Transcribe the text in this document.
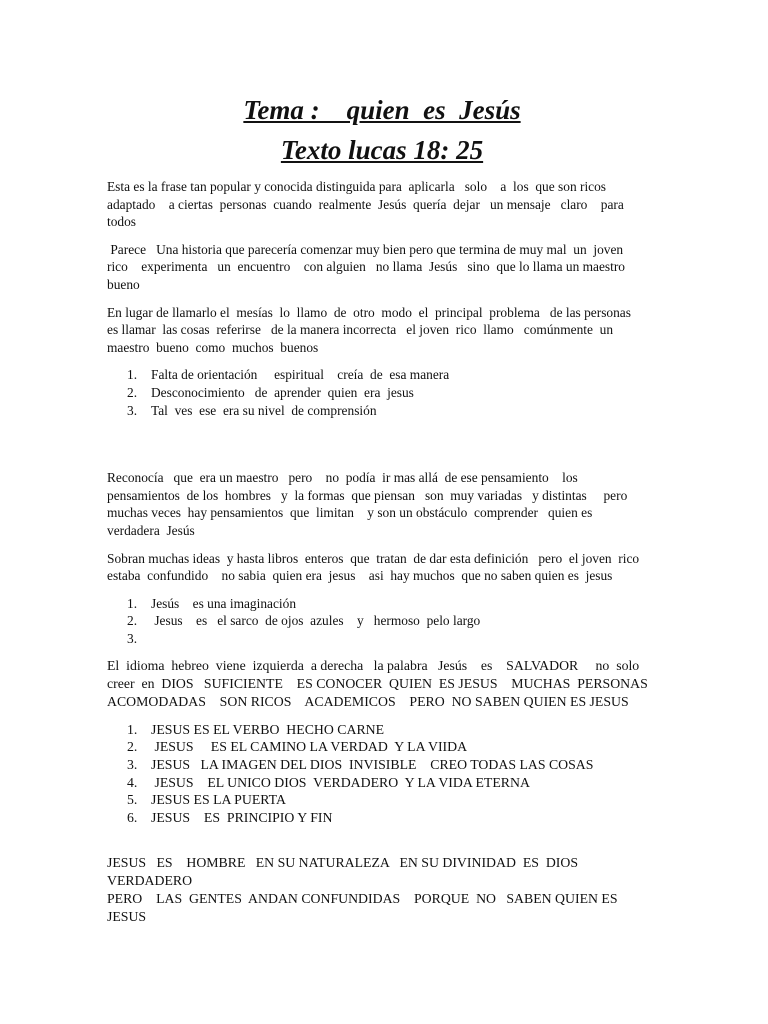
Tema :    quien  es  Jesús
Texto lucas 18: 25

Esta es la frase tan popular y conocida distinguida para  aplicarla   solo    a  los  que son ricos
adaptado    a ciertas  personas  cuando  realmente  Jesús  quería  dejar   un mensaje   claro    para
todos

Parece   Una historia que parecería comenzar muy bien pero que termina de muy mal  un  joven
rico    experimenta   un  encuentro    con alguien   no llama  Jesús   sino  que lo llama un maestro
bueno

En lugar de llamarlo el  mesías  lo  llamo  de  otro  modo  el  principal  problema   de las personas
es llamar  las cosas  referirse   de la manera incorrecta   el joven  rico  llamo   comúnmente  un
maestro  bueno  como  muchos  buenos

1.	Falta de orientación     espiritual    creía  de  esa manera
2.	Desconocimiento   de  aprender  quien  era  jesus
3.	Tal  ves  ese  era su nivel  de comprensión

Reconocía   que  era un maestro   pero    no  podía  ir mas allá  de ese pensamiento    los
pensamientos  de los  hombres   y  la formas  que piensan   son  muy variadas   y distintas     pero
muchas veces  hay pensamientos  que  limitan    y son un obstáculo  comprender   quien es
verdadera  Jesús

Sobran muchas ideas  y hasta libros  enteros  que  tratan  de dar esta definición   pero  el joven  rico
estaba  confundido    no sabia  quien era  jesus    asi  hay muchos  que no saben quien es  jesus

1.	Jesús    es una imaginación
2.	Jesus    es   el sarco  de ojos  azules    y   hermoso  pelo largo
3.

El  idioma  hebreo  viene  izquierda  a derecha   la palabra   Jesús    es    SALVADOR     no  solo
creer  en  DIOS   SUFICIENTE    ES CONOCER  QUIEN  ES JESUS    MUCHAS  PERSONAS
ACOMODADAS    SON RICOS    ACADEMICOS    PERO  NO SABEN QUIEN ES JESUS

1. JESUS ES EL VERBO  HECHO CARNE
2. JESUS     ES EL CAMINO LA VERDAD  Y LA VIIDA
3. JESUS   LA IMAGEN DEL DIOS  INVISIBLE    CREO TODAS LAS COSAS
4. JESUS    EL UNICO DIOS  VERDADERO  Y LA VIDA ETERNA
5. JESUS ES LA PUERTA
6. JESUS    ES  PRINCIPIO Y FIN

JESUS   ES    HOMBRE   EN SU NATURALEZA   EN SU DIVINIDAD  ES  DIOS VERDADERO
PERO    LAS  GENTES  ANDAN CONFUNDIDAS    PORQUE  NO   SABEN QUIEN ES JESUS
